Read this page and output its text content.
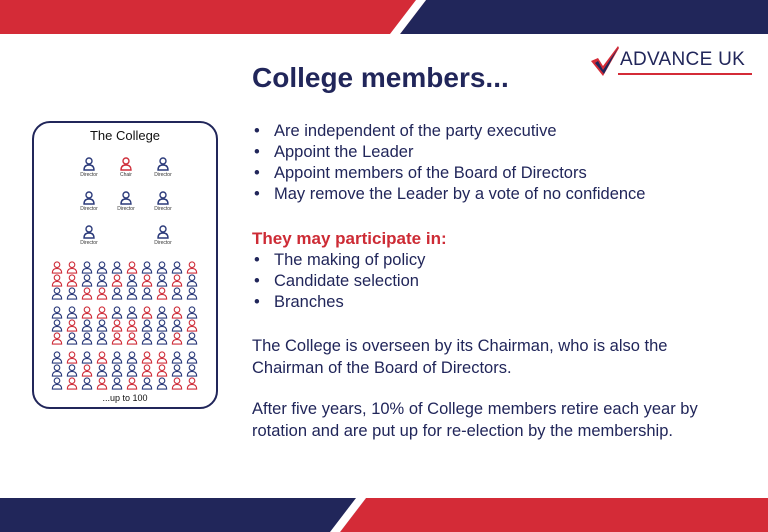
ADVANCE UK
College members...
The College
Director	Chair	Director
Director	Director	Director
Director	Director
...up to 100
• Are independent of the party executive
• Appoint the Leader
• Appoint members of the Board of Directors
• May remove the Leader by a vote of no confidence
They may participate in:
• The making of policy
• Candidate selection
• Branches

The College is overseen by its Chairman, who is also the Chairman of the Board of Directors.

After five years, 10% of College members retire each year by rotation and are put up for re-election by the membership.
